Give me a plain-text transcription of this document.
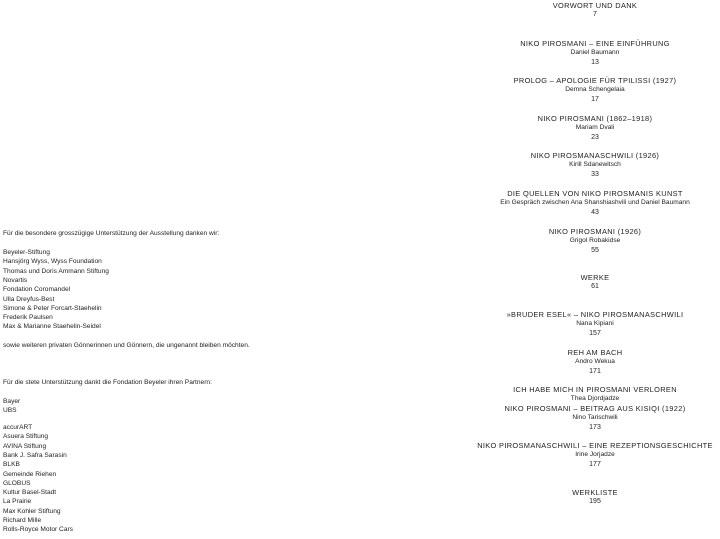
Für die besondere grosszügige Unterstützung der Ausstellung danken wir:
Beyeler-Stiftung
Hansjörg Wyss, Wyss Foundation
Thomas und Doris Ammann Stiftung
Novartis
Fondation Coromandel
Ulla Dreyfus-Best
Simone & Peter Forcart-Staehelin
Frederik Paulsen
Max & Marianne Staehelin-Seidel
sowie weiteren privaten Gönnerinnen und Gönnern, die ungenannt bleiben möchten.
Für die stete Unterstützung dankt die Fondation Beyeler ihren Partnern:
Bayer
UBS
accurART
Asuera Stiftung
AVINA Stiftung
Bank J. Safra Sarasin
BLKB
Gemeinde Riehen
GLOBUS
Kultur Basel-Stadt
La Prairie
Max Kohler Stiftung
Richard Mille
Rolls-Royce Motor Cars
VORWORT UND DANK
7
NIKO PIROSMANI – EINE EINFÜHRUNG
Daniel Baumann
13
PROLOG – APOLOGIE FÜR TPILISSI (1927)
Demna Schengelaia
17
NIKO PIROSMANI (1862–1918)
Mariam Dvali
23
NIKO PIROSMANASCHWILI (1926)
Kirill Sdanewitsch
33
DIE QUELLEN VON NIKO PIROSMANIS KUNST
Ein Gespräch zwischen Ana Shanshiashvili und Daniel Baumann
43
NIKO PIROSMANI (1926)
Grigol Robakidse
55
WERKE
61
»BRUDER ESEL« – NIKO PIROSMANASCHWILI
Nana Kipiani
157
REH AM BACH
Andro Wekua
171
ICH HABE MICH IN PIROSMANI VERLOREN
Thea Djordjadze
NIKO PIROSMANI – BEITRAG AUS KISIQI (1922)
Nino Tarischwili
173
NIKO PIROSMANASCHWILI – EINE REZEPTIONSGESCHICHTE
Irine Jorjadze
177
WERKLISTE
195
